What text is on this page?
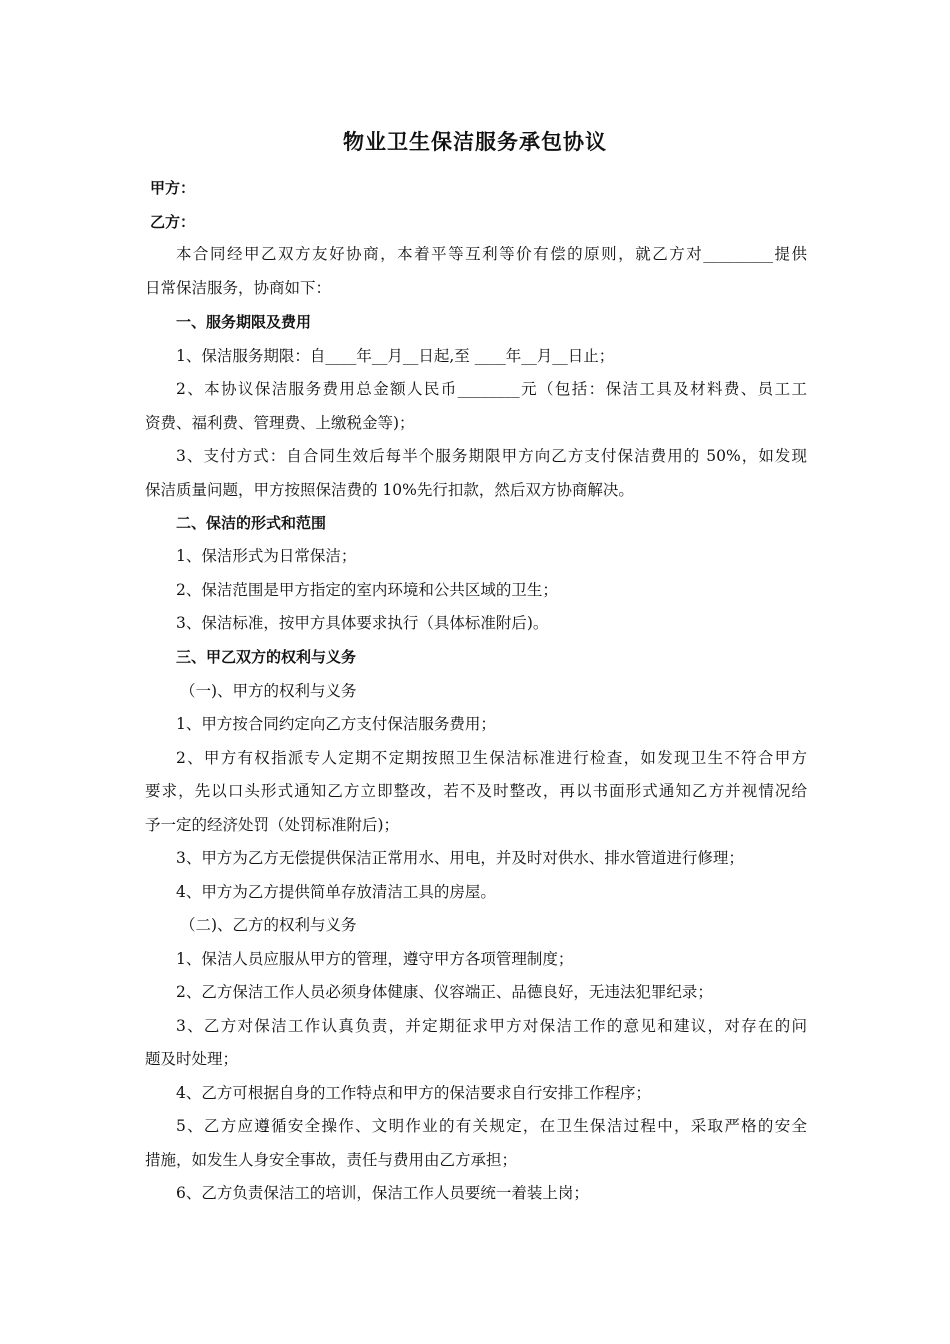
物业卫生保洁服务承包协议
甲方：
乙方：
本合同经甲乙双方友好协商，本着平等互利等价有偿的原则，就乙方对_________提供
日常保洁服务，协商如下：
一、服务期限及费用
1、保洁服务期限：自____年__月__日起,至 ____年__月__日止；
2、本协议保洁服务费用总金额人民币________元（包括：保洁工具及材料费、员工工
资费、福利费、管理费、上缴税金等)；
3、支付方式：自合同生效后每半个服务期限甲方向乙方支付保洁费用的 50%，如发现
保洁质量问题，甲方按照保洁费的 10%先行扣款，然后双方协商解决。
二、保洁的形式和范围
1、保洁形式为日常保洁；
2、保洁范围是甲方指定的室内环境和公共区域的卫生；
3、保洁标准，按甲方具体要求执行（具体标准附后)。
三、甲乙双方的权利与义务
（一)、甲方的权利与义务
1、甲方按合同约定向乙方支付保洁服务费用；
2、甲方有权指派专人定期不定期按照卫生保洁标准进行检查，如发现卫生不符合甲方
要求，先以口头形式通知乙方立即整改，若不及时整改，再以书面形式通知乙方并视情况给
予一定的经济处罚（处罚标准附后)；
3、甲方为乙方无偿提供保洁正常用水、用电，并及时对供水、排水管道进行修理；
4、甲方为乙方提供简单存放清洁工具的房屋。
（二)、乙方的权利与义务
1、保洁人员应服从甲方的管理，遵守甲方各项管理制度；
2、乙方保洁工作人员必须身体健康、仪容端正、品德良好，无违法犯罪纪录；
3、乙方对保洁工作认真负责，并定期征求甲方对保洁工作的意见和建议，对存在的问
题及时处理；
4、乙方可根据自身的工作特点和甲方的保洁要求自行安排工作程序；
5、乙方应遵循安全操作、文明作业的有关规定，在卫生保洁过程中，采取严格的安全
措施，如发生人身安全事故，责任与费用由乙方承担；
6、乙方负责保洁工的培训，保洁工作人员要统一着装上岗；
